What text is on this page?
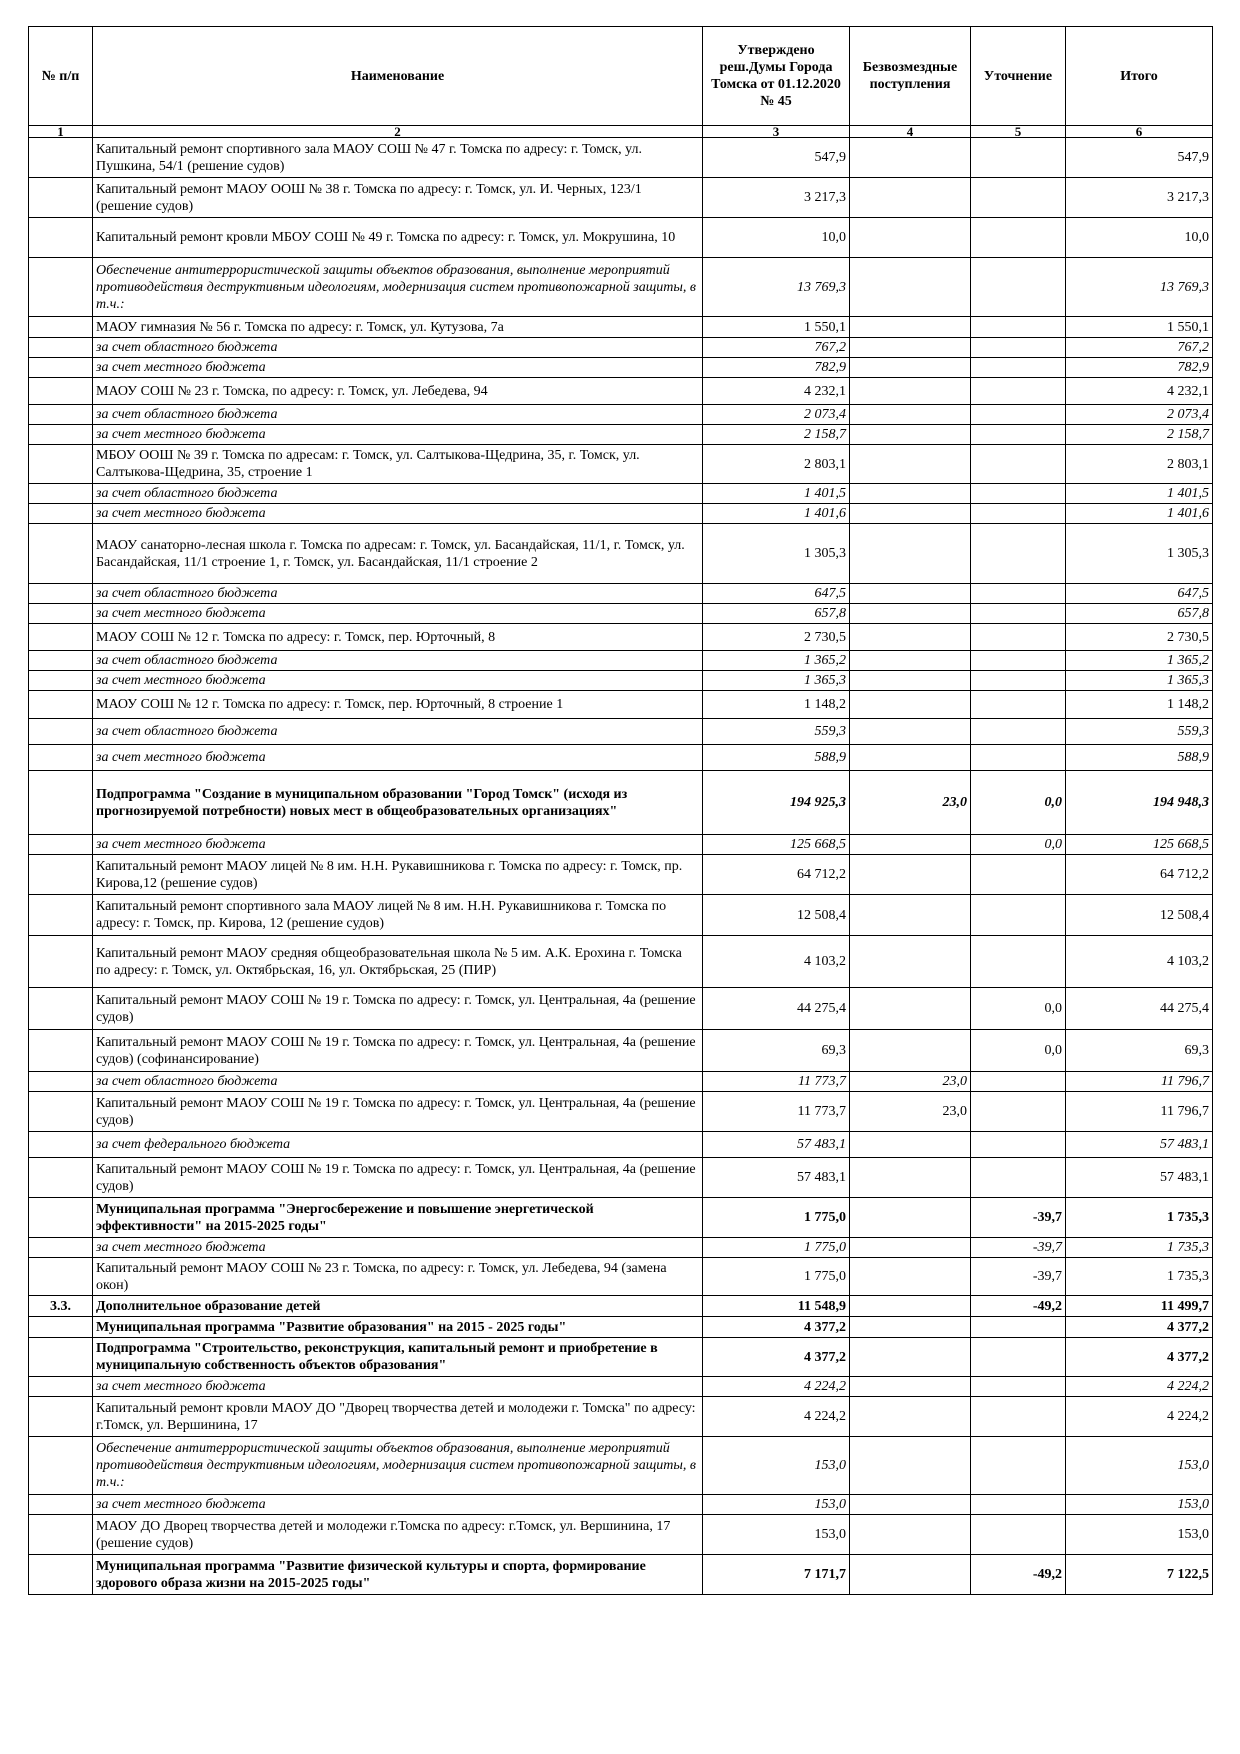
№ п/п	Наименование	Утверждено реш.Думы Города Томска от 01.12.2020 № 45	Безвозмездные поступления	Уточнение	Итого
1	2	3	4	5	6
	Капитальный ремонт спортивного зала МАОУ СОШ № 47 г. Томска по адресу: г. Томск, ул. Пушкина, 54/1 (решение судов)	547,9			547,9
	Капитальный ремонт МАОУ ООШ № 38 г. Томска по адресу: г. Томск, ул. И. Черных, 123/1 (решение судов)	3 217,3			3 217,3
	Капитальный ремонт кровли МБОУ СОШ № 49 г. Томска по адресу: г. Томск, ул. Мокрушина, 10	10,0			10,0
	Обеспечение антитеррористической защиты объектов образования, выполнение мероприятий противодействия деструктивным идеологиям, модернизация систем противопожарной защиты, в т.ч.:	13 769,3			13 769,3
	МАОУ гимназия № 56 г. Томска по адресу: г. Томск, ул. Кутузова, 7а	1 550,1			1 550,1
	за счет областного бюджета	767,2			767,2
	за счет местного бюджета	782,9			782,9
	МАОУ СОШ № 23 г. Томска, по адресу: г. Томск, ул. Лебедева, 94	4 232,1			4 232,1
	за счет областного бюджета	2 073,4			2 073,4
	за счет местного бюджета	2 158,7			2 158,7
	МБОУ ООШ № 39 г. Томска по адресам: г. Томск, ул. Салтыкова-Щедрина, 35, г. Томск, ул. Салтыкова-Щедрина, 35, строение 1	2 803,1			2 803,1
	за счет областного бюджета	1 401,5			1 401,5
	за счет местного бюджета	1 401,6			1 401,6
	МАОУ санаторно-лесная школа г. Томска по адресам: г. Томск, ул. Басандайская, 11/1, г. Томск, ул. Басандайская, 11/1 строение 1, г. Томск, ул. Басандайская, 11/1 строение 2	1 305,3			1 305,3
	за счет областного бюджета	647,5			647,5
	за счет местного бюджета	657,8			657,8
	МАОУ СОШ № 12 г. Томска по адресу: г. Томск, пер. Юрточный, 8	2 730,5			2 730,5
	за счет областного бюджета	1 365,2			1 365,2
	за счет местного бюджета	1 365,3			1 365,3
	МАОУ СОШ № 12 г. Томска по адресу: г. Томск, пер. Юрточный, 8 строение 1	1 148,2			1 148,2
	за счет областного бюджета	559,3			559,3
	за счет местного бюджета	588,9			588,9
	Подпрограмма "Создание в муниципальном образовании "Город Томск" (исходя из прогнозируемой потребности) новых мест в общеобразовательных организациях"	194 925,3	23,0	0,0	194 948,3
	за счет местного бюджета	125 668,5		0,0	125 668,5
	Капитальный ремонт МАОУ лицей № 8 им. Н.Н. Рукавишникова г. Томска по адресу: г. Томск, пр. Кирова,12 (решение судов)	64 712,2			64 712,2
	Капитальный ремонт спортивного зала МАОУ лицей № 8 им. Н.Н. Рукавишникова г. Томска по адресу: г. Томск, пр. Кирова, 12 (решение судов)	12 508,4			12 508,4
	Капитальный ремонт МАОУ средняя общеобразовательная школа № 5 им. А.К. Ерохина г. Томска по адресу: г. Томск, ул. Октябрьская, 16, ул. Октябрьская, 25 (ПИР)	4 103,2			4 103,2
	Капитальный ремонт МАОУ СОШ № 19 г. Томска по адресу: г. Томск, ул. Центральная, 4а (решение судов)	44 275,4		0,0	44 275,4
	Капитальный ремонт МАОУ СОШ № 19 г. Томска по адресу: г. Томск, ул. Центральная, 4а (решение судов) (софинансирование)	69,3		0,0	69,3
	за счет областного бюджета	11 773,7	23,0		11 796,7
	Капитальный ремонт МАОУ СОШ № 19 г. Томска по адресу: г. Томск, ул. Центральная, 4а (решение судов)	11 773,7	23,0		11 796,7
	за счет федерального бюджета	57 483,1			57 483,1
	Капитальный ремонт МАОУ СОШ № 19 г. Томска по адресу: г. Томск, ул. Центральная, 4а (решение судов)	57 483,1			57 483,1
	Муниципальная программа "Энергосбережение и повышение энергетической эффективности" на 2015-2025 годы"	1 775,0		-39,7	1 735,3
	за счет местного бюджета	1 775,0		-39,7	1 735,3
	Капитальный ремонт МАОУ СОШ № 23 г. Томска, по адресу: г. Томск, ул. Лебедева, 94 (замена окон)	1 775,0		-39,7	1 735,3
3.3.	Дополнительное образование детей	11 548,9		-49,2	11 499,7
	Муниципальная программа "Развитие образования" на 2015 - 2025 годы"	4 377,2			4 377,2
	Подпрограмма "Строительство, реконструкция, капитальный ремонт и приобретение в муниципальную собственность объектов образования"	4 377,2			4 377,2
	за счет местного бюджета	4 224,2			4 224,2
	Капитальный ремонт кровли МАОУ ДО "Дворец творчества детей и молодежи г. Томска" по адресу: г.Томск, ул. Вершинина, 17	4 224,2			4 224,2
	Обеспечение антитеррористической защиты объектов образования, выполнение мероприятий противодействия деструктивным идеологиям, модернизация систем противопожарной защиты, в т.ч.:	153,0			153,0
	за счет местного бюджета	153,0			153,0
	МАОУ ДО Дворец творчества детей и молодежи г.Томска по адресу: г.Томск, ул. Вершинина, 17 (решение судов)	153,0			153,0
	Муниципальная программа "Развитие физической культуры и спорта, формирование здорового образа жизни на 2015-2025 годы"	7 171,7		-49,2	7 122,5
